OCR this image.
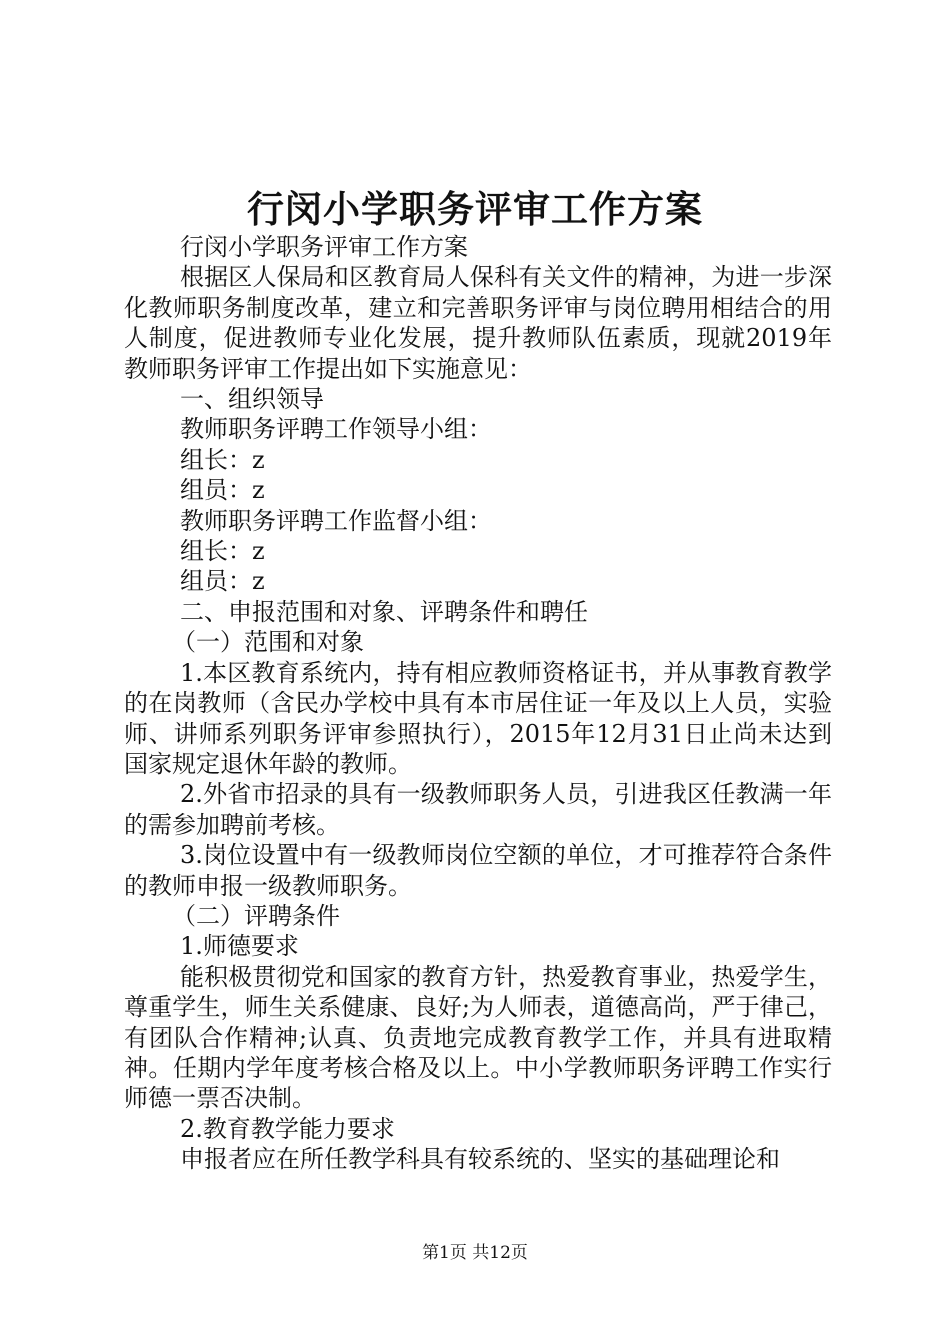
行闵小学职务评审工作方案

行闵小学职务评审工作方案

根据区人保局和区教育局人保科有关文件的精神，为进一步深化教师职务制度改革，建立和完善职务评审与岗位聘用相结合的用人制度，促进教师专业化发展，提升教师队伍素质，现就2019年教师职务评审工作提出如下实施意见：

一、组织领导

教师职务评聘工作领导小组：

组长：z

组员：z

教师职务评聘工作监督小组：

组长：z

组员：z

二、申报范围和对象、评聘条件和聘任

（一）范围和对象

1.本区教育系统内，持有相应教师资格证书，并从事教育教学的在岗教师（含民办学校中具有本市居住证一年及以上人员，实验师、讲师系列职务评审参照执行），2015年12月31日止尚未达到国家规定退休年龄的教师。

2.外省市招录的具有一级教师职务人员，引进我区任教满一年的需参加聘前考核。

3.岗位设置中有一级教师岗位空额的单位，才可推荐符合条件的教师申报一级教师职务。

（二）评聘条件

1.师德要求

能积极贯彻党和国家的教育方针，热爱教育事业，热爱学生，尊重学生，师生关系健康、良好;为人师表，道德高尚，严于律己，有团队合作精神;认真、负责地完成教育教学工作，并具有进取精神。任期内学年度考核合格及以上。中小学教师职务评聘工作实行师德一票否决制。

2.教育教学能力要求

申报者应在所任教学科具有较系统的、坚实的基础理论和

第1页 共12页
